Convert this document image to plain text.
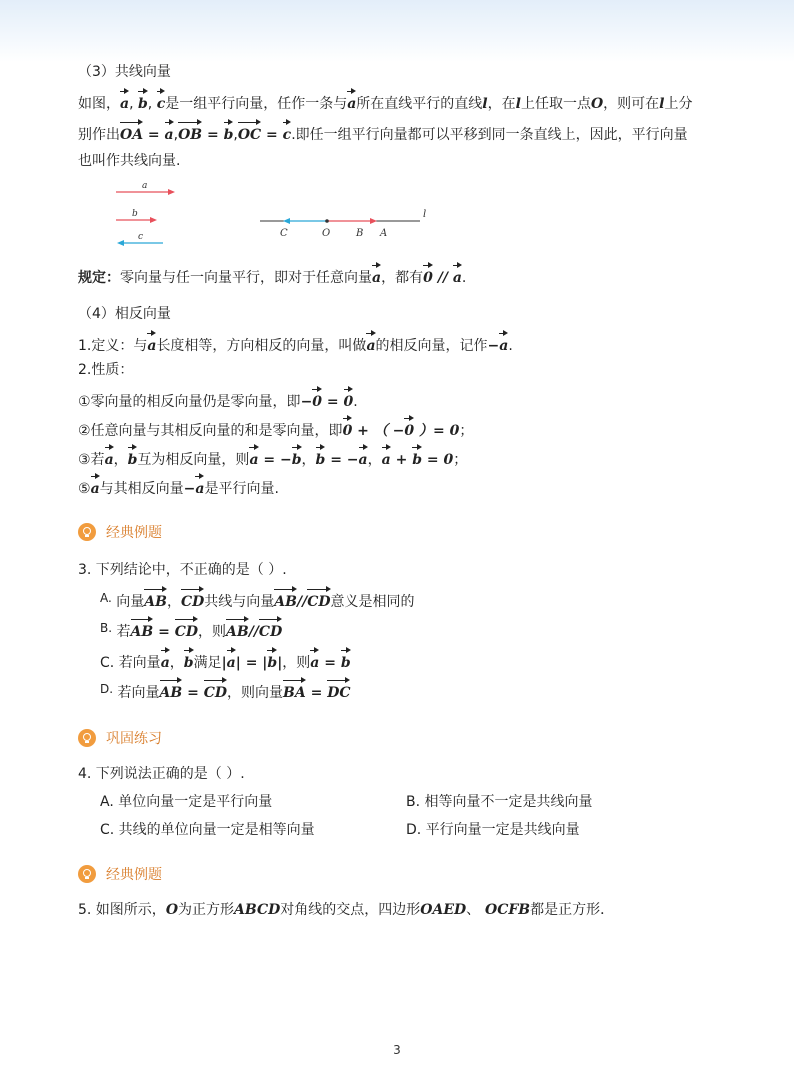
（3）共线向量
如图，a, b, c是一组平行向量，任作一条与a所在直线平行的直线l，在l上任取一点O，则可在l上分
别作出OA = a,OB = b,OC = c.即任一组平行向量都可以平移到同一条直线上，因此，平行向量
也叫作共线向量.
a
b
c	C	O	B A
l
规定：零向量与任一向量平行，即对于任意向量a，都有0 // a.
（4）相反向量
1.定义：与a长度相等，方向相反的向量，叫做a的相反向量，记作−a.
2.性质：
①零向量的相反向量仍是零向量，即−0 = 0.
②任意向量与其相反向量的和是零向量，即0 + （ −0 ）= 0；
③若a，b互为相反向量，则a = −b，b = −a，a + b = 0；
⑤a与其相反向量−a是平行向量.
经典例题
3. 下列结论中，不正确的是（ ）.
A. 向量AB，CD共线与向量AB//CD意义是相同的
B. 若AB = CD，则AB//CD
C. 若向量a，b满足|a| = |b|，则a = b
D. 若向量AB = CD，则向量BA = DC
巩固练习
4. 下列说法正确的是（ ）.
A. 单位向量一定是平行向量	B. 相等向量不一定是共线向量
C. 共线的单位向量一定是相等向量	D. 平行向量一定是共线向量
经典例题
5. 如图所示，O为正方形ABCD对角线的交点，四边形OAED、 OCFB都是正方形．
3
